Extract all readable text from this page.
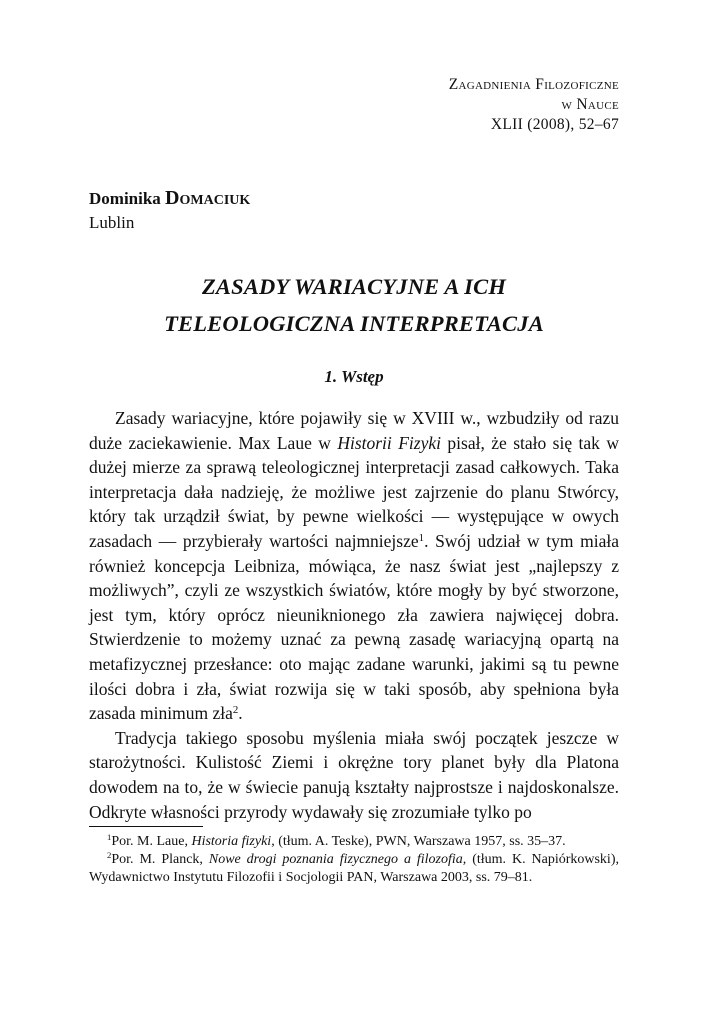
Zagadnienia Filozoficzne
w Nauce
XLII (2008), 52–67
Dominika Domaciuk
Lublin
ZASADY WARIACYJNE A ICH
TELEOLOGICZNA INTERPRETACJA
1. Wstęp

Zasady wariacyjne, które pojawiły się w XVIII w., wzbudziły od razu duże zaciekawienie. Max Laue w Historii Fizyki pisał, że stało się tak w dużej mierze za sprawą teleologicznej interpretacji zasad całkowych. Taka interpretacja dała nadzieję, że możliwe jest zajrzenie do planu Stwórcy, który tak urządził świat, by pewne wielkości — występujące w owych zasadach — przybierały wartości najmniejsze$^1$. Swój udział w tym miała również koncepcja Leibniza, mówiąca, że nasz świat jest „najlepszy z możliwych”, czyli ze wszystkich światów, które mogły by być stworzone, jest tym, który oprócz nieuniknionego zła zawiera najwięcej dobra. Stwierdzenie to możemy uznać za pewną zasadę wariacyjną opartą na metafizycznej przesłance: oto mając zadane warunki, jakimi są tu pewne ilości dobra i zła, świat rozwija się w taki sposób, aby spełniona była zasada minimum zła$^2$.

Tradycja takiego sposobu myślenia miała swój początek jeszcze w starożytności. Kulistość Ziemi i okrężne tory planet były dla Platona dowodem na to, że w świecie panują kształty najprostsze i najdoskonalsze. Odkryte własności przyrody wydawały się zrozumiałe tylko po

$^1$Por. M. Laue, Historia fizyki, (tłum. A. Teske), PWN, Warszawa 1957, ss. 35–37.

$^2$Por. M. Planck, Nowe drogi poznania fizycznego a filozofia, (tłum. K. Napiórkowski), Wydawnictwo Instytutu Filozofii i Socjologii PAN, Warszawa 2003, ss. 79–81.
